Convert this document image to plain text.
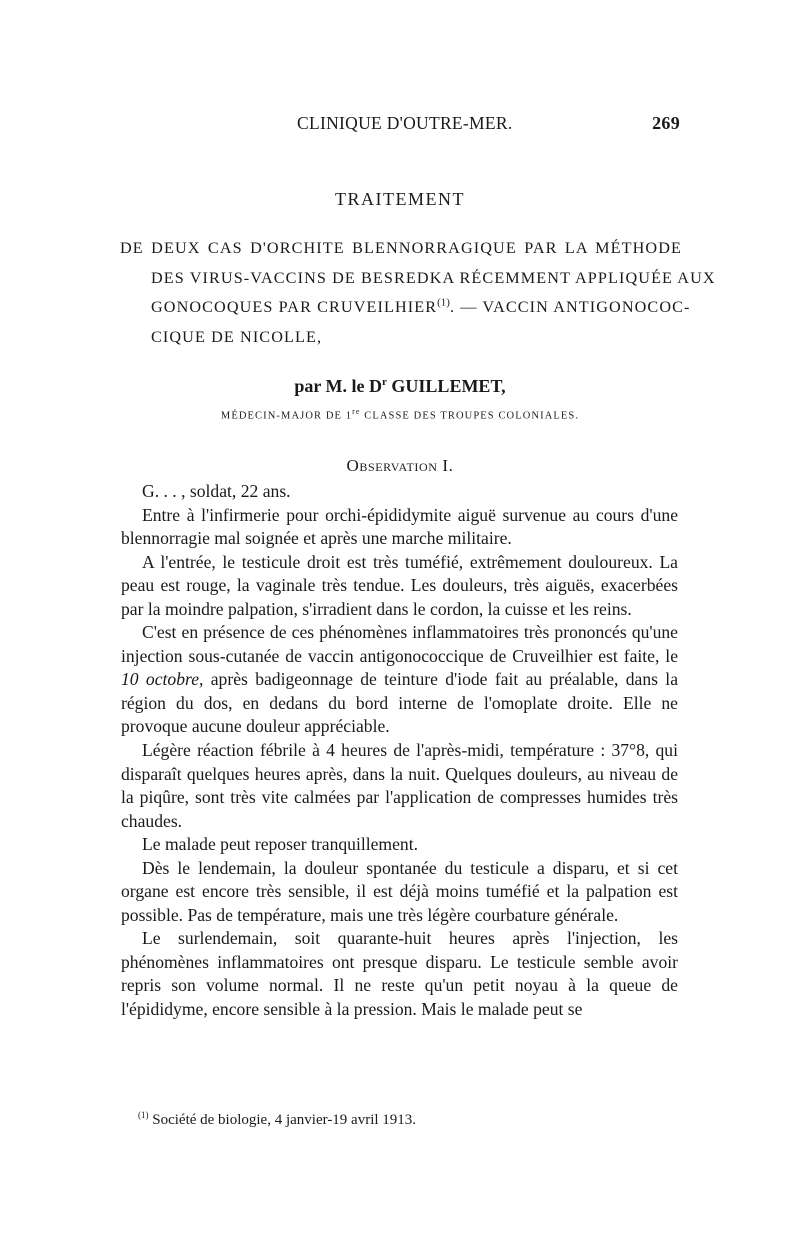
CLINIQUE D'OUTRE-MER.	269
TRAITEMENT
DE DEUX CAS D'ORCHITE BLENNORRAGIQUE PAR LA MÉTHODE
DES VIRUS-VACCINS DE BESREDKA RÉCEMMENT APPLIQUÉE AUX
GONOCOQUES PAR CRUVEILHIER$^{(1)}$. — VACCIN ANTIGONOCOC-
CIQUE DE NICOLLE,
par M. le $D^r$ GUILLEMET,
MÉDECIN-MAJOR DE 1re CLASSE DES TROUPES COLONIALES.
Observation I.

G. . . , soldat, 22 ans.

Entre à l'infirmerie pour orchi-épididymite aiguë survenue au cours d'une blennorragie mal soignée et après une marche militaire.

A l'entrée, le testicule droit est très tuméfié, extrêmement douloureux. La peau est rouge, la vaginale très tendue. Les douleurs, très aiguës, exacerbées par la moindre palpation, s'irradient dans le cordon, la cuisse et les reins.

C'est en présence de ces phénomènes inflammatoires très prononcés qu'une injection sous-cutanée de vaccin antigonococcique de Cruveilhier est faite, le 10 octobre, après badigeonnage de teinture d'iode fait au préalable, dans la région du dos, en dedans du bord interne de l'omoplate droite. Elle ne provoque aucune douleur appréciable.

Légère réaction fébrile à 4 heures de l'après-midi, température : 37°8, qui disparaît quelques heures après, dans la nuit. Quelques douleurs, au niveau de la piqûre, sont très vite calmées par l'application de compresses humides très chaudes.

Le malade peut reposer tranquillement.

Dès le lendemain, la douleur spontanée du testicule a disparu, et si cet organe est encore très sensible, il est déjà moins tuméfié et la palpation est possible. Pas de température, mais une très légère courbature générale.

Le surlendemain, soit quarante-huit heures après l'injection, les phénomènes inflammatoires ont presque disparu. Le testicule semble avoir repris son volume normal. Il ne reste qu'un petit noyau à la queue de l'épididyme, encore sensible à la pression. Mais le malade peut se

$^{(1)}$ Société de biologie, 4 janvier-19 avril 1913.
